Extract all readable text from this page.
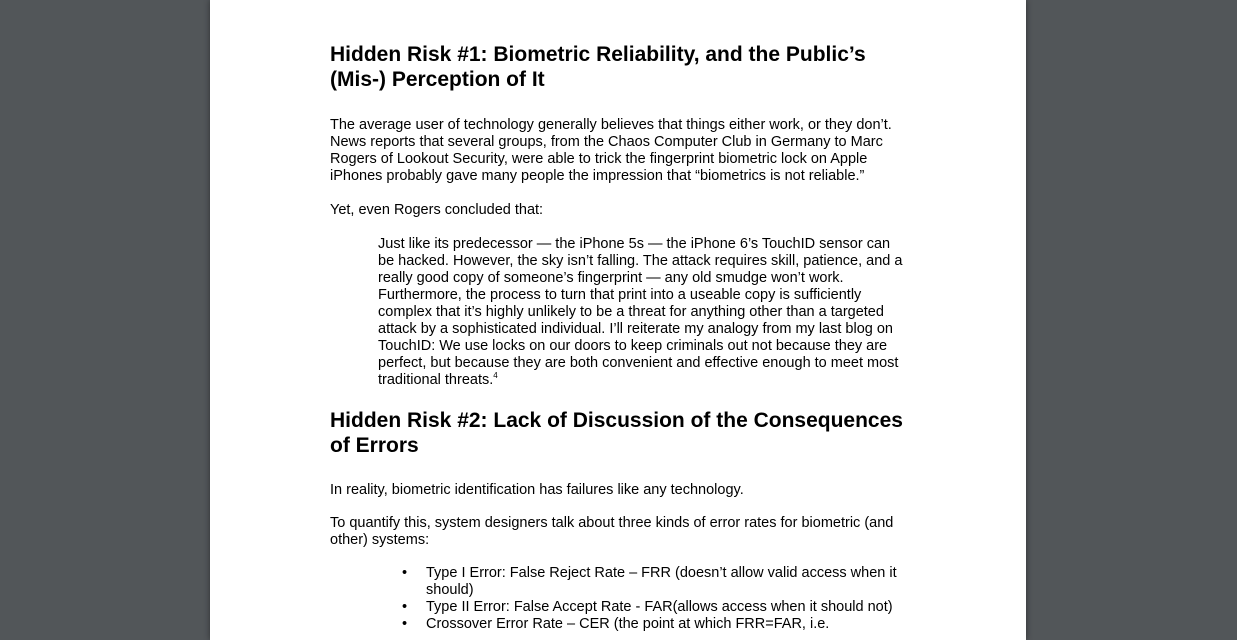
Hidden Risk #1: Biometric Reliability, and the Public’s (Mis-) Perception of It

The average user of technology generally believes that things either work, or they don’t. News reports that several groups, from the Chaos Computer Club in Germany to Marc Rogers of Lookout Security, were able to trick the fingerprint biometric lock on Apple iPhones probably gave many people the impression that “biometrics is not reliable.”

Yet, even Rogers concluded that:

Just like its predecessor — the iPhone 5s — the iPhone 6’s TouchID sensor can be hacked. However, the sky isn’t falling. The attack requires skill, patience, and a really good copy of someone’s fingerprint — any old smudge won’t work. Furthermore, the process to turn that print into a useable copy is sufficiently complex that it’s highly unlikely to be a threat for anything other than a targeted attack by a sophisticated individual. I’ll reiterate my analogy from my last blog on TouchID: We use locks on our doors to keep criminals out not because they are perfect, but because they are both convenient and effective enough to meet most traditional threats.$^4$
Hidden Risk #2: Lack of Discussion of the Consequences of Errors

In reality, biometric identification has failures like any technology.

To quantify this, system designers talk about three kinds of error rates for biometric (and other) systems:

• Type I Error: False Reject Rate – FRR (doesn’t allow valid access when it should)
• Type II Error: False Accept Rate - FAR(allows access when it should not)
• Crossover Error Rate – CER (the point at which FRR=FAR, i.e.
